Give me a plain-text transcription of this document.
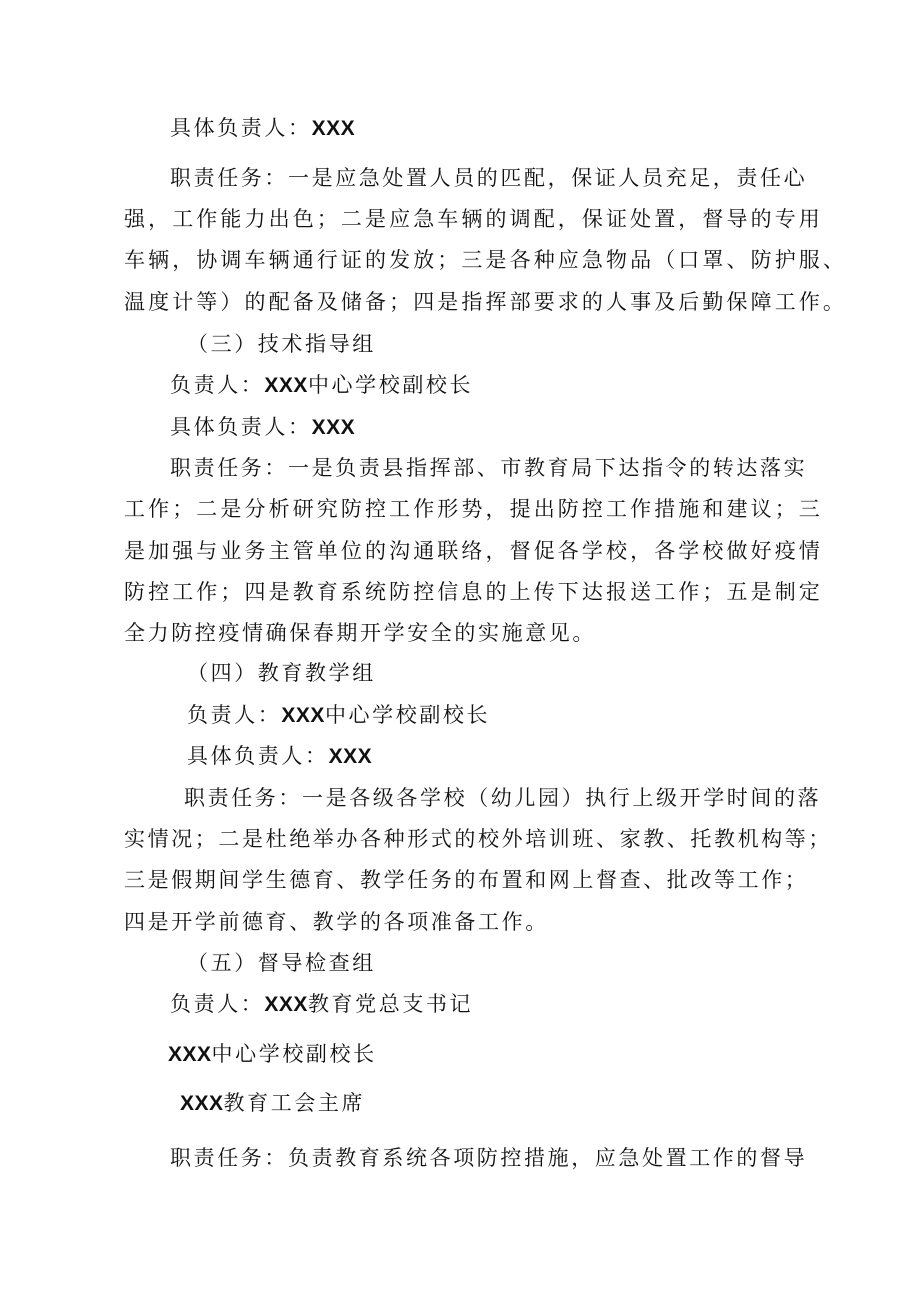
具体负责人：XXX
职责任务：一是应急处置人员的匹配，保证人员充足，责任心
强，工作能力出色；二是应急车辆的调配，保证处置，督导的专用
车辆，协调车辆通行证的发放；三是各种应急物品（口罩、防护服、
温度计等）的配备及储备；四是指挥部要求的人事及后勤保障工作。
（三）技术指导组
负责人：XXX中心学校副校长
具体负责人：XXX
职责任务：一是负责县指挥部、市教育局下达指令的转达落实
工作；二是分析研究防控工作形势，提出防控工作措施和建议；三
是加强与业务主管单位的沟通联络，督促各学校，各学校做好疫情
防控工作；四是教育系统防控信息的上传下达报送工作；五是制定
全力防控疫情确保春期开学安全的实施意见。
（四）教育教学组
负责人：XXX中心学校副校长
具体负责人：XXX
职责任务：一是各级各学校（幼儿园）执行上级开学时间的落
实情况；二是杜绝举办各种形式的校外培训班、家教、托教机构等；
三是假期间学生德育、教学任务的布置和网上督查、批改等工作；
四是开学前德育、教学的各项准备工作。
（五）督导检查组
负责人：XXX教育党总支书记
XXX中心学校副校长
XXX教育工会主席
职责任务：负责教育系统各项防控措施，应急处置工作的督导
